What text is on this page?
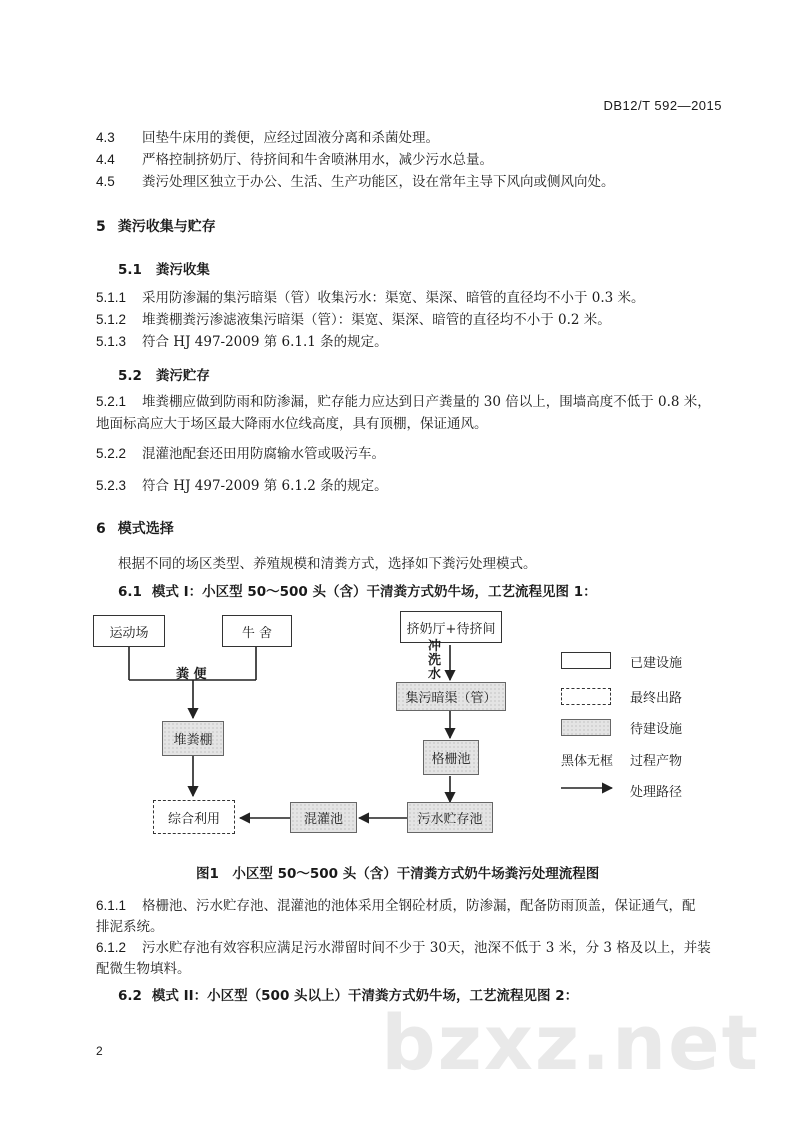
DB12/T 592—2015
4.3 回垫牛床用的粪便，应经过固液分离和杀菌处理。
4.4 严格控制挤奶厅、待挤间和牛舍喷淋用水，减少污水总量。
4.5 粪污处理区独立于办公、生活、生产功能区，设在常年主导下风向或侧风向处。
5 粪污收集与贮存
5.1 粪污收集
5.1.1 采用防渗漏的集污暗渠（管）收集污水：渠宽、渠深、暗管的直径均不小于 0.3 米。
5.1.2 堆粪棚粪污渗滤液集污暗渠（管）：渠宽、渠深、暗管的直径均不小于 0.2 米。
5.1.3 符合 HJ 497-2009 第 6.1.1 条的规定。
5.2 粪污贮存
5.2.1 堆粪棚应做到防雨和防渗漏，贮存能力应达到日产粪量的 30 倍以上，围墙高度不低于 0.8 米，
地面标高应大于场区最大降雨水位线高度，具有顶棚，保证通风。
5.2.2 混灌池配套还田用防腐输水管或吸污车。
5.2.3 符合 HJ 497-2009 第 6.1.2 条的规定。
6 模式选择
根据不同的场区类型、养殖规模和清粪方式，选择如下粪污处理模式。
6.1 模式 I：小区型 50～500 头（含）干清粪方式奶牛场，工艺流程见图 1：
运动场	牛 舍	挤奶厅+待挤间
粪 便
冲
洗
水
集污暗渠（管）
堆粪棚
格栅池
综合利用	混灌池	污水贮存池
已建设施
最终出路
待建设施
黑体无框 过程产物
处理路径
图1　小区型 50～500 头（含）干清粪方式奶牛场粪污处理流程图
6.1.1 格栅池、污水贮存池、混灌池的池体采用全钢砼材质，防渗漏，配备防雨顶盖，保证通气，配
排泥系统。
6.1.2 污水贮存池有效容积应满足污水滞留时间不少于 30天，池深不低于 3 米，分 3 格及以上，并装
配微生物填料。
6.2 模式 II：小区型（500 头以上）干清粪方式奶牛场，工艺流程见图 2：
bzxz.net
2
